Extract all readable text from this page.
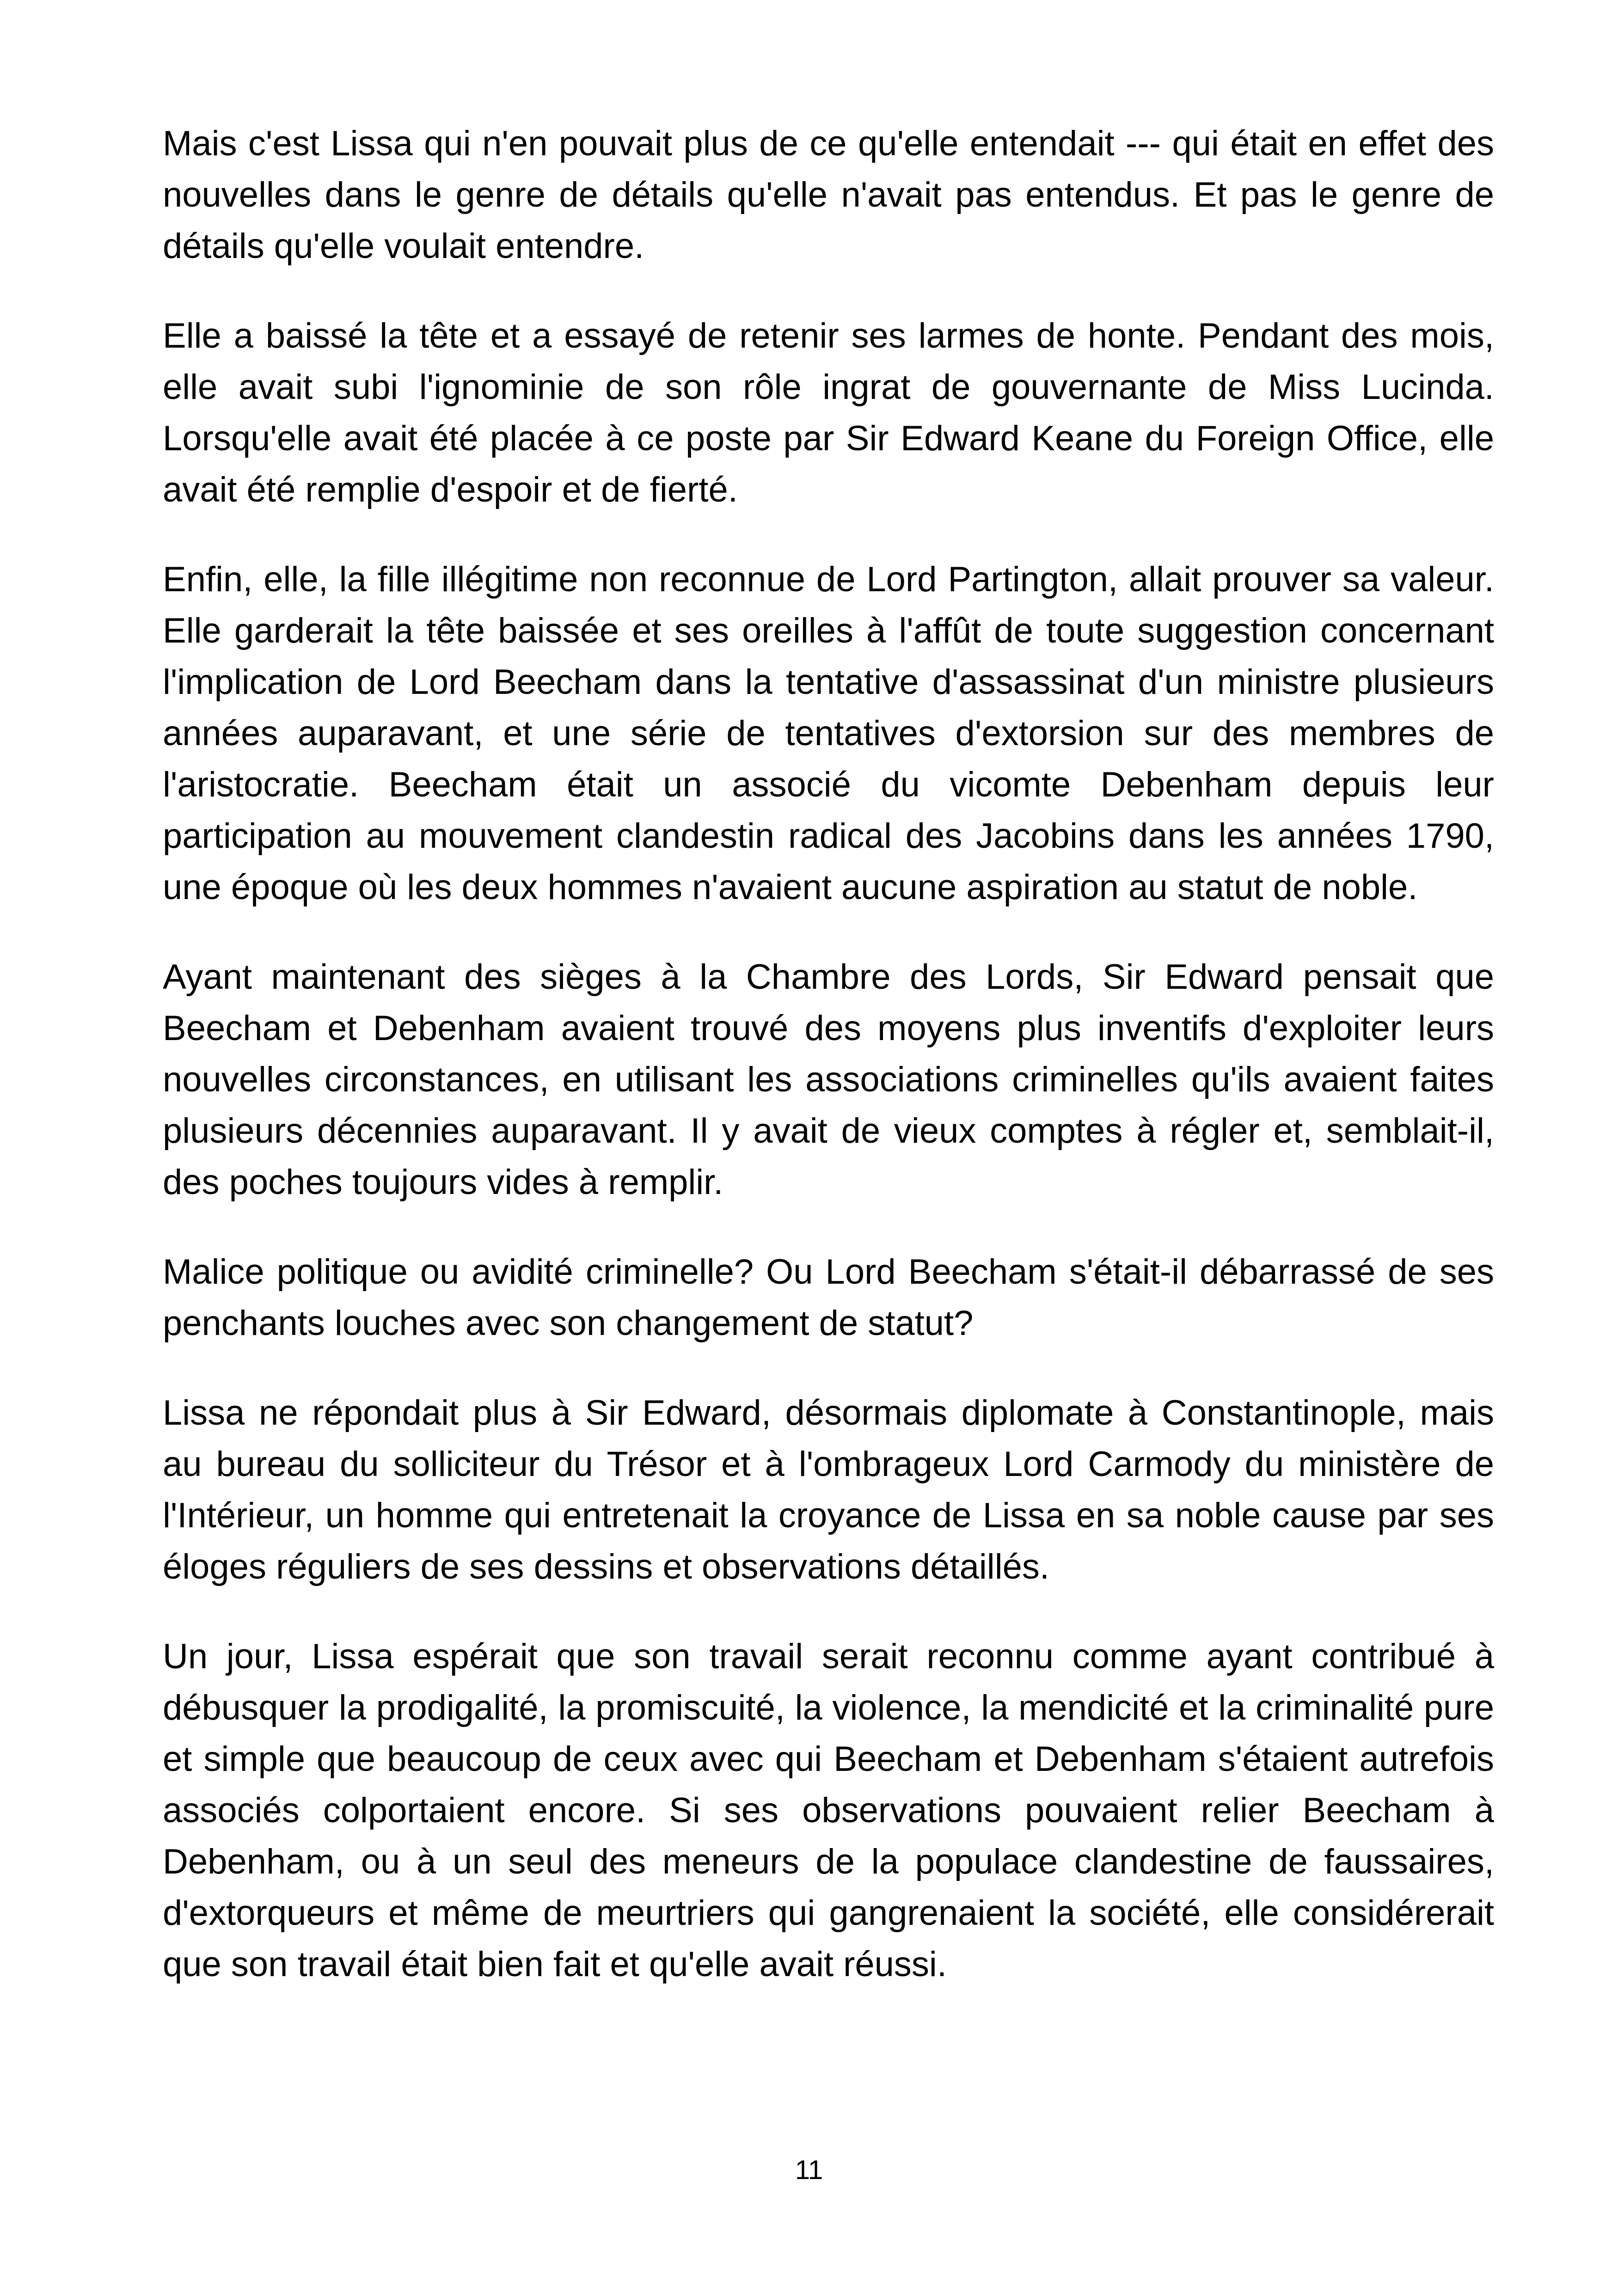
Mais c'est Lissa qui n'en pouvait plus de ce qu'elle entendait --- qui était en effet des nouvelles dans le genre de détails qu'elle n'avait pas entendus. Et pas le genre de détails qu'elle voulait entendre.

Elle a baissé la tête et a essayé de retenir ses larmes de honte. Pendant des mois, elle avait subi l'ignominie de son rôle ingrat de gouvernante de Miss Lucinda. Lorsqu'elle avait été placée à ce poste par Sir Edward Keane du Foreign Office, elle avait été remplie d'espoir et de fierté.

Enfin, elle, la fille illégitime non reconnue de Lord Partington, allait prouver sa valeur. Elle garderait la tête baissée et ses oreilles à l'affût de toute suggestion concernant l'implication de Lord Beecham dans la tentative d'assassinat d'un ministre plusieurs années auparavant, et une série de tentatives d'extorsion sur des membres de l'aristocratie. Beecham était un associé du vicomte Debenham depuis leur participation au mouvement clandestin radical des Jacobins dans les années 1790, une époque où les deux hommes n'avaient aucune aspiration au statut de noble.

Ayant maintenant des sièges à la Chambre des Lords, Sir Edward pensait que Beecham et Debenham avaient trouvé des moyens plus inventifs d'exploiter leurs nouvelles circonstances, en utilisant les associations criminelles qu'ils avaient faites plusieurs décennies auparavant. Il y avait de vieux comptes à régler et, semblait-il, des poches toujours vides à remplir.

Malice politique ou avidité criminelle? Ou Lord Beecham s'était-il débarrassé de ses penchants louches avec son changement de statut?

Lissa ne répondait plus à Sir Edward, désormais diplomate à Constantinople, mais au bureau du solliciteur du Trésor et à l'ombrageux Lord Carmody du ministère de l'Intérieur, un homme qui entretenait la croyance de Lissa en sa noble cause par ses éloges réguliers de ses dessins et observations détaillés.

Un jour, Lissa espérait que son travail serait reconnu comme ayant contribué à débusquer la prodigalité, la promiscuité, la violence, la mendicité et la criminalité pure et simple que beaucoup de ceux avec qui Beecham et Debenham s'étaient autrefois associés colportaient encore. Si ses observations pouvaient relier Beecham à Debenham, ou à un seul des meneurs de la populace clandestine de faussaires, d'extorqueurs et même de meurtriers qui gangrenaient la société, elle considérerait que son travail était bien fait et qu'elle avait réussi.

11
